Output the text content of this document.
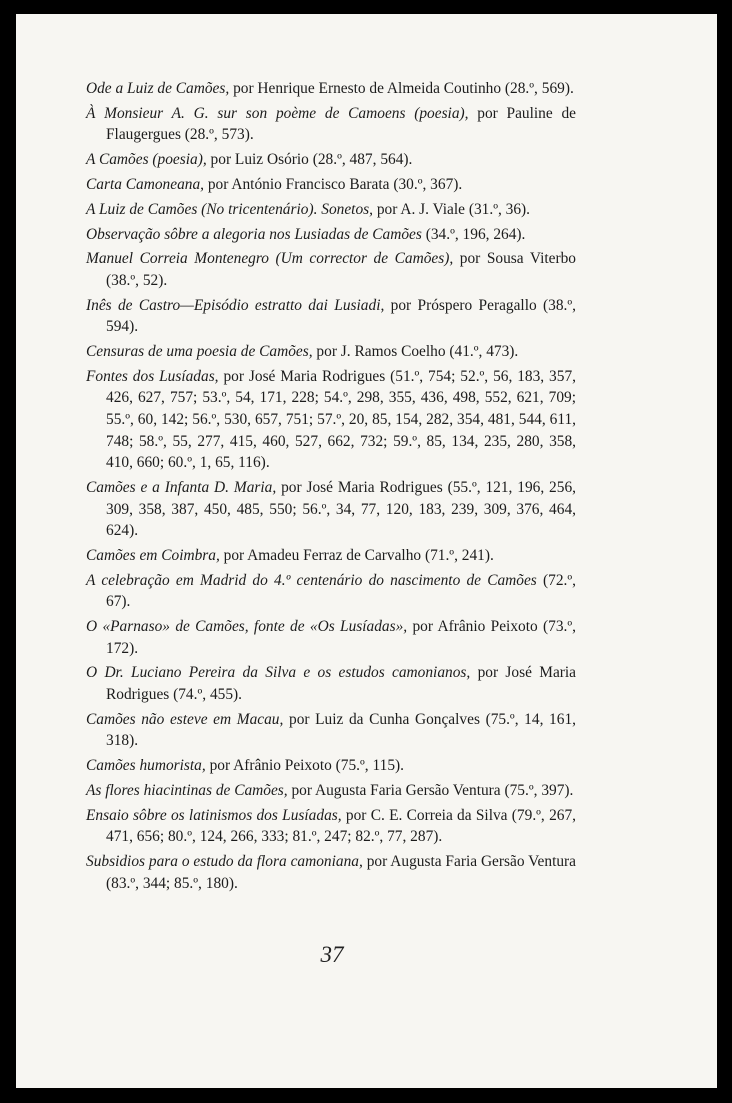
Ode a Luiz de Camões, por Henrique Ernesto de Almeida Coutinho (28.º, 569).

À Monsieur A. G. sur son poème de Camoens (poesia), por Pauline de Flaugergues (28.º, 573).

A Camões (poesia), por Luiz Osório (28.º, 487, 564).

Carta Camoneana, por António Francisco Barata (30.º, 367).

A Luiz de Camões (No tricentenário). Sonetos, por A. J. Viale (31.º, 36).

Observação sôbre a alegoria nos Lusiadas de Camões (34.º, 196, 264).

Manuel Correia Montenegro (Um corrector de Camões), por Sousa Viterbo (38.º, 52).

Inês de Castro—Episódio estratto dai Lusiadi, por Próspero Peragallo (38.º, 594).

Censuras de uma poesia de Camões, por J. Ramos Coelho (41.º, 473).

Fontes dos Lusíadas, por José Maria Rodrigues (51.º, 754; 52.º, 56, 183, 357, 426, 627, 757; 53.º, 54, 171, 228; 54.º, 298, 355, 436, 498, 552, 621, 709; 55.º, 60, 142; 56.º, 530, 657, 751; 57.º, 20, 85, 154, 282, 354, 481, 544, 611, 748; 58.º, 55, 277, 415, 460, 527, 662, 732; 59.º, 85, 134, 235, 280, 358, 410, 660; 60.º, 1, 65, 116).

Camões e a Infanta D. Maria, por José Maria Rodrigues (55.º, 121, 196, 256, 309, 358, 387, 450, 485, 550; 56.º, 34, 77, 120, 183, 239, 309, 376, 464, 624).

Camões em Coimbra, por Amadeu Ferraz de Carvalho (71.º, 241).

A celebração em Madrid do 4.º centenário do nascimento de Camões (72.º, 67).

O «Parnaso» de Camões, fonte de «Os Lusíadas», por Afrânio Peixoto (73.º, 172).

O Dr. Luciano Pereira da Silva e os estudos camonianos, por José Maria Rodrigues (74.º, 455).

Camões não esteve em Macau, por Luiz da Cunha Gonçalves (75.º, 14, 161, 318).

Camões humorista, por Afrânio Peixoto (75.º, 115).

As flores hiacintinas de Camões, por Augusta Faria Gersão Ventura (75.º, 397).

Ensaio sôbre os latinismos dos Lusíadas, por C. E. Correia da Silva (79.º, 267, 471, 656; 80.º, 124, 266, 333; 81.º, 247; 82.º, 77, 287).

Subsidios para o estudo da flora camoniana, por Augusta Faria Gersão Ventura (83.º, 344; 85.º, 180).

37
